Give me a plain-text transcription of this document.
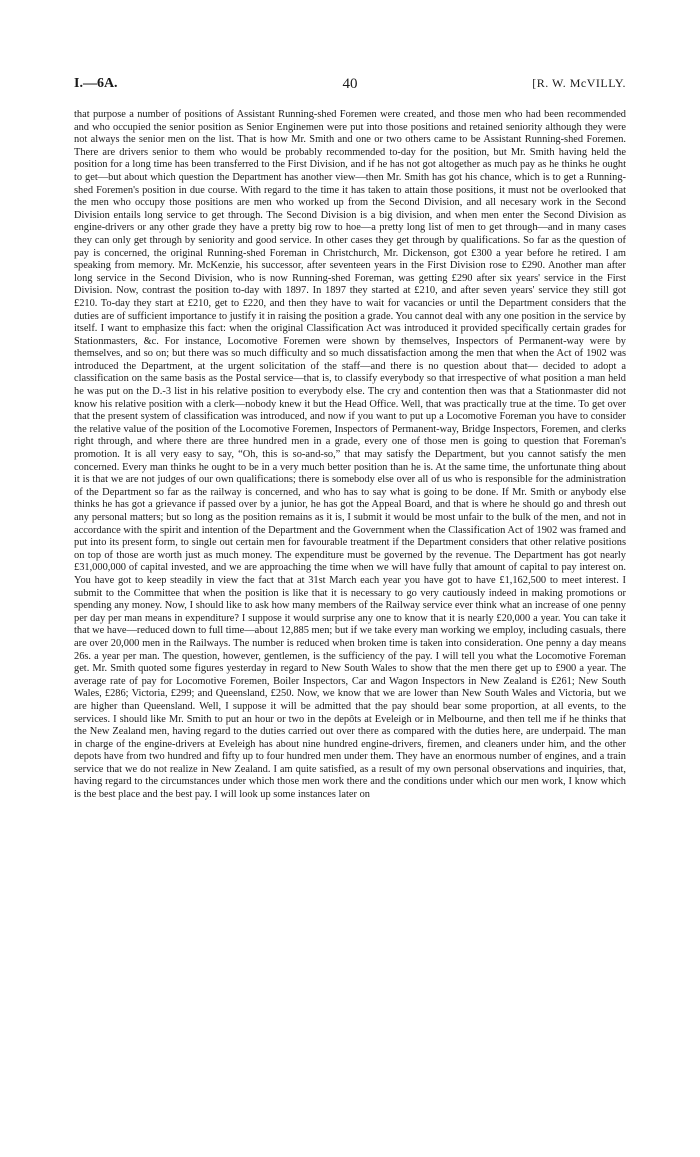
I.—6A.	40	[R. W. McVILLY.

that purpose a number of positions of Assistant Running-shed Foremen were created, and those men who had been recommended and who occupied the senior position as Senior Enginemen were put into those positions and retained seniority although they were not always the senior men on the list. That is how Mr. Smith and one or two others came to be Assistant Running-shed Foremen. There are drivers senior to them who would be probably recommended to-day for the position, but Mr. Smith having held the position for a long time has been transferred to the First Division, and if he has not got altogether as much pay as he thinks he ought to get—but about which question the Department has another view—then Mr. Smith has got his chance, which is to get a Running-shed Foremen's position in due course. With regard to the time it has taken to attain those positions, it must not be overlooked that the men who occupy those positions are men who worked up from the Second Division, and all necesary work in the Second Division entails long service to get through. The Second Division is a big division, and when men enter the Second Division as engine-drivers or any other grade they have a pretty big row to hoe—a pretty long list of men to get through—and in many cases they can only get through by seniority and good service. In other cases they get through by qualifications. So far as the question of pay is concerned, the original Running-shed Foreman in Christchurch, Mr. Dickenson, got £300 a year before he retired. I am speaking from memory. Mr. McKenzie, his successor, after seventeen years in the First Division rose to £290. Another man after long service in the Second Division, who is now Running-shed Foreman, was getting £290 after six years' service in the First Division. Now, contrast the position to-day with 1897. In 1897 they started at £210, and after seven years' service they still got £210. To-day they start at £210, get to £220, and then they have to wait for vacancies or until the Department considers that the duties are of sufficient importance to justify it in raising the position a grade. You cannot deal with any one position in the service by itself. I want to emphasize this fact: when the original Classification Act was introduced it provided specifically certain grades for Stationmasters, &c. For instance, Locomotive Foremen were shown by themselves, Inspectors of Permanent-way were by themselves, and so on; but there was so much difficulty and so much dissatisfaction among the men that when the Act of 1902 was introduced the Department, at the urgent solicitation of the staff—and there is no question about that— decided to adopt a classification on the same basis as the Postal service—that is, to classify everybody so that irrespective of what position a man held he was put on the D.-3 list in his relative position to everybody else. The cry and contention then was that a Stationmaster did not know his relative position with a clerk—nobody knew it but the Head Office. Well, that was practically true at the time. To get over that the present system of classification was introduced, and now if you want to put up a Locomotive Foreman you have to consider the relative value of the position of the Locomotive Foremen, Inspectors of Permanent-way, Bridge Inspectors, Foremen, and clerks right through, and where there are three hundred men in a grade, every one of those men is going to question that Foreman's promotion. It is all very easy to say, “Oh, this is so-and-so,” that may satisfy the Department, but you cannot satisfy the men concerned. Every man thinks he ought to be in a very much better position than he is. At the same time, the unfortunate thing about it is that we are not judges of our own qualifications; there is somebody else over all of us who is responsible for the administration of the Department so far as the railway is concerned, and who has to say what is going to be done. If Mr. Smith or anybody else thinks he has got a grievance if passed over by a junior, he has got the Appeal Board, and that is where he should go and thresh out any personal matters; but so long as the position remains as it is, I submit it would be most unfair to the bulk of the men, and not in accordance with the spirit and intention of the Department and the Government when the Classification Act of 1902 was framed and put into its present form, to single out certain men for favourable treatment if the Department considers that other relative positions on top of those are worth just as much money. The expenditure must be governed by the revenue. The Department has got nearly £31,000,000 of capital invested, and we are approaching the time when we will have fully that amount of capital to pay interest on. You have got to keep steadily in view the fact that at 31st March each year you have got to have £1,162,500 to meet interest. I submit to the Committee that when the position is like that it is necessary to go very cautiously indeed in making promotions or spending any money. Now, I should like to ask how many members of the Railway service ever think what an increase of one penny per day per man means in expenditure? I suppose it would surprise any one to know that it is nearly £20,000 a year. You can take it that we have—reduced down to full time—about 12,885 men; but if we take every man working we employ, including casuals, there are over 20,000 men in the Railways. The number is reduced when broken time is taken into consideration. One penny a day means 26s. a year per man. The question, however, gentlemen, is the sufficiency of the pay. I will tell you what the Locomotive Foreman get. Mr. Smith quoted some figures yesterday in regard to New South Wales to show that the men there get up to £900 a year. The average rate of pay for Locomotive Foremen, Boiler Inspectors, Car and Wagon Inspectors in New Zealand is £261; New South Wales, £286; Victoria, £299; and Queensland, £250. Now, we know that we are lower than New South Wales and Victoria, but we are higher than Queensland. Well, I suppose it will be admitted that the pay should bear some proportion, at all events, to the services. I should like Mr. Smith to put an hour or two in the depôts at Eveleigh or in Melbourne, and then tell me if he thinks that the New Zealand men, having regard to the duties carried out over there as compared with the duties here, are underpaid. The man in charge of the engine-drivers at Eveleigh has about nine hundred engine-drivers, firemen, and cleaners under him, and the other depots have from two hundred and fifty up to four hundred men under them. They have an enormous number of engines, and a train service that we do not realize in New Zealand. I am quite satisfied, as a result of my own personal observations and inquiries, that, having regard to the circumstances under which those men work there and the conditions under which our men work, I know which is the best place and the best pay. I will look up some instances later on
